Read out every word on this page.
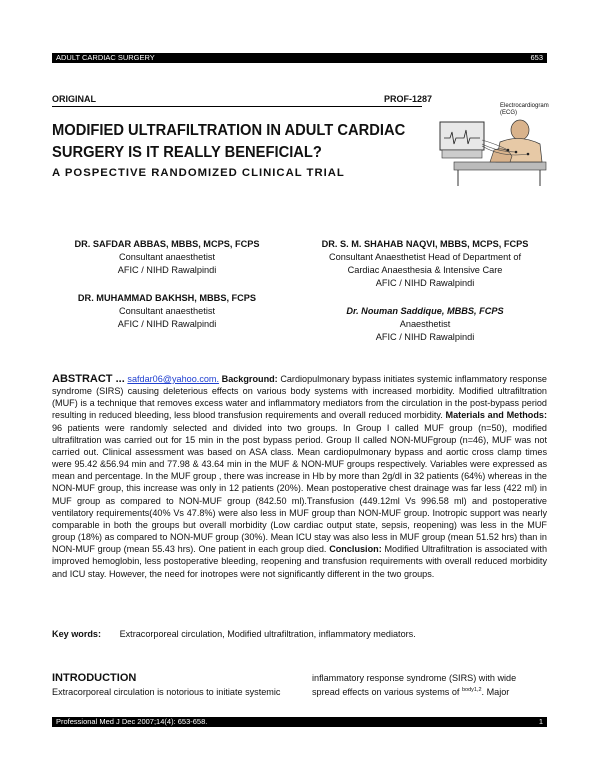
ADULT CARDIAC SURGERY	653
ORIGINAL	PROF-1287
MODIFIED ULTRAFILTRATION IN ADULT CARDIAC
SURGERY IS IT REALLY BENEFICIAL?
A POSPECTIVE RANDOMIZED CLINICAL TRIAL
Electrocardiogram
(ECG)
DR. SAFDAR ABBAS, MBBS, MCPS, FCPS
Consultant anaesthetist
AFIC / NIHD Rawalpindi
DR. MUHAMMAD BAKHSH, MBBS, FCPS
Consultant anaesthetist
AFIC / NIHD Rawalpindi
DR. S. M. SHAHAB NAQVI, MBBS, MCPS, FCPS
Consultant Anaesthetist Head of Department of
Cardiac Anaesthesia & Intensive Care
AFIC / NIHD Rawalpindi
Dr. Nouman Saddique, MBBS, FCPS
Anaesthetist
AFIC / NIHD Rawalpindi
ABSTRACT ... safdar06@yahoo.com. Background: Cardiopulmonary bypass initiates systemic inflammatory response syndrome (SIRS) causing deleterious effects on various body systems with increased morbidity. Modified ultrafiltration (MUF) is a technique that removes excess water and inflammatory mediators from the circulation in the post-bypass period resulting in reduced bleeding, less blood transfusion requirements and overall reduced morbidity. Materials and Methods: 96 patients were randomly selected and divided into two groups. In Group I called MUF group (n=50), modified ultrafiltration was carried out for 15 min in the post bypass period. Group II called NON-MUFgroup (n=46), MUF was not carried out. Clinical assessment was based on ASA class. Mean cardiopulmonary bypass and aortic cross clamp times were 95.42 &56.94 min and 77.98 & 43.64 min in the MUF & NON-MUF groups respectively. Variables were expressed as mean and percentage. In the MUF group , there was increase in Hb by more than 2g/dl in 32 patients (64%) whereas in the NON-MUF group, this increase was only in 12 patients (20%). Mean postoperative chest drainage was far less (422 ml) in MUF group as compared to NON-MUF group (842.50 ml).Transfusion (449.12ml Vs 996.58 ml) and postoperative ventilatory requirements(40% Vs 47.8%) were also less in MUF group than NON-MUF group. Inotropic support was nearly comparable in both the groups but overall morbidity (Low cardiac output state, sepsis, reopening) was less in the MUF group (18%) as compared to NON-MUF group (30%). Mean ICU stay was also less in MUF group (mean 51.52 hrs) than in NON-MUF group (mean 55.43 hrs). One patient in each group died. Conclusion: Modified Ultrafiltration is associated with improved hemoglobin, less postoperative bleeding, reopening and transfusion requirements with overall reduced morbidity and ICU stay. However, the need for inotropes were not significantly different in the two groups.
Key words: Extracorporeal circulation, Modified ultrafiltration, inflammatory mediators.
INTRODUCTION
Extracorporeal circulation is notorious to initiate systemic
inflammatory response syndrome (SIRS) with wide
spread effects on various systems of $^{body1,2}$. Major
Professional Med J Dec 2007;14(4): 653-658.	1
